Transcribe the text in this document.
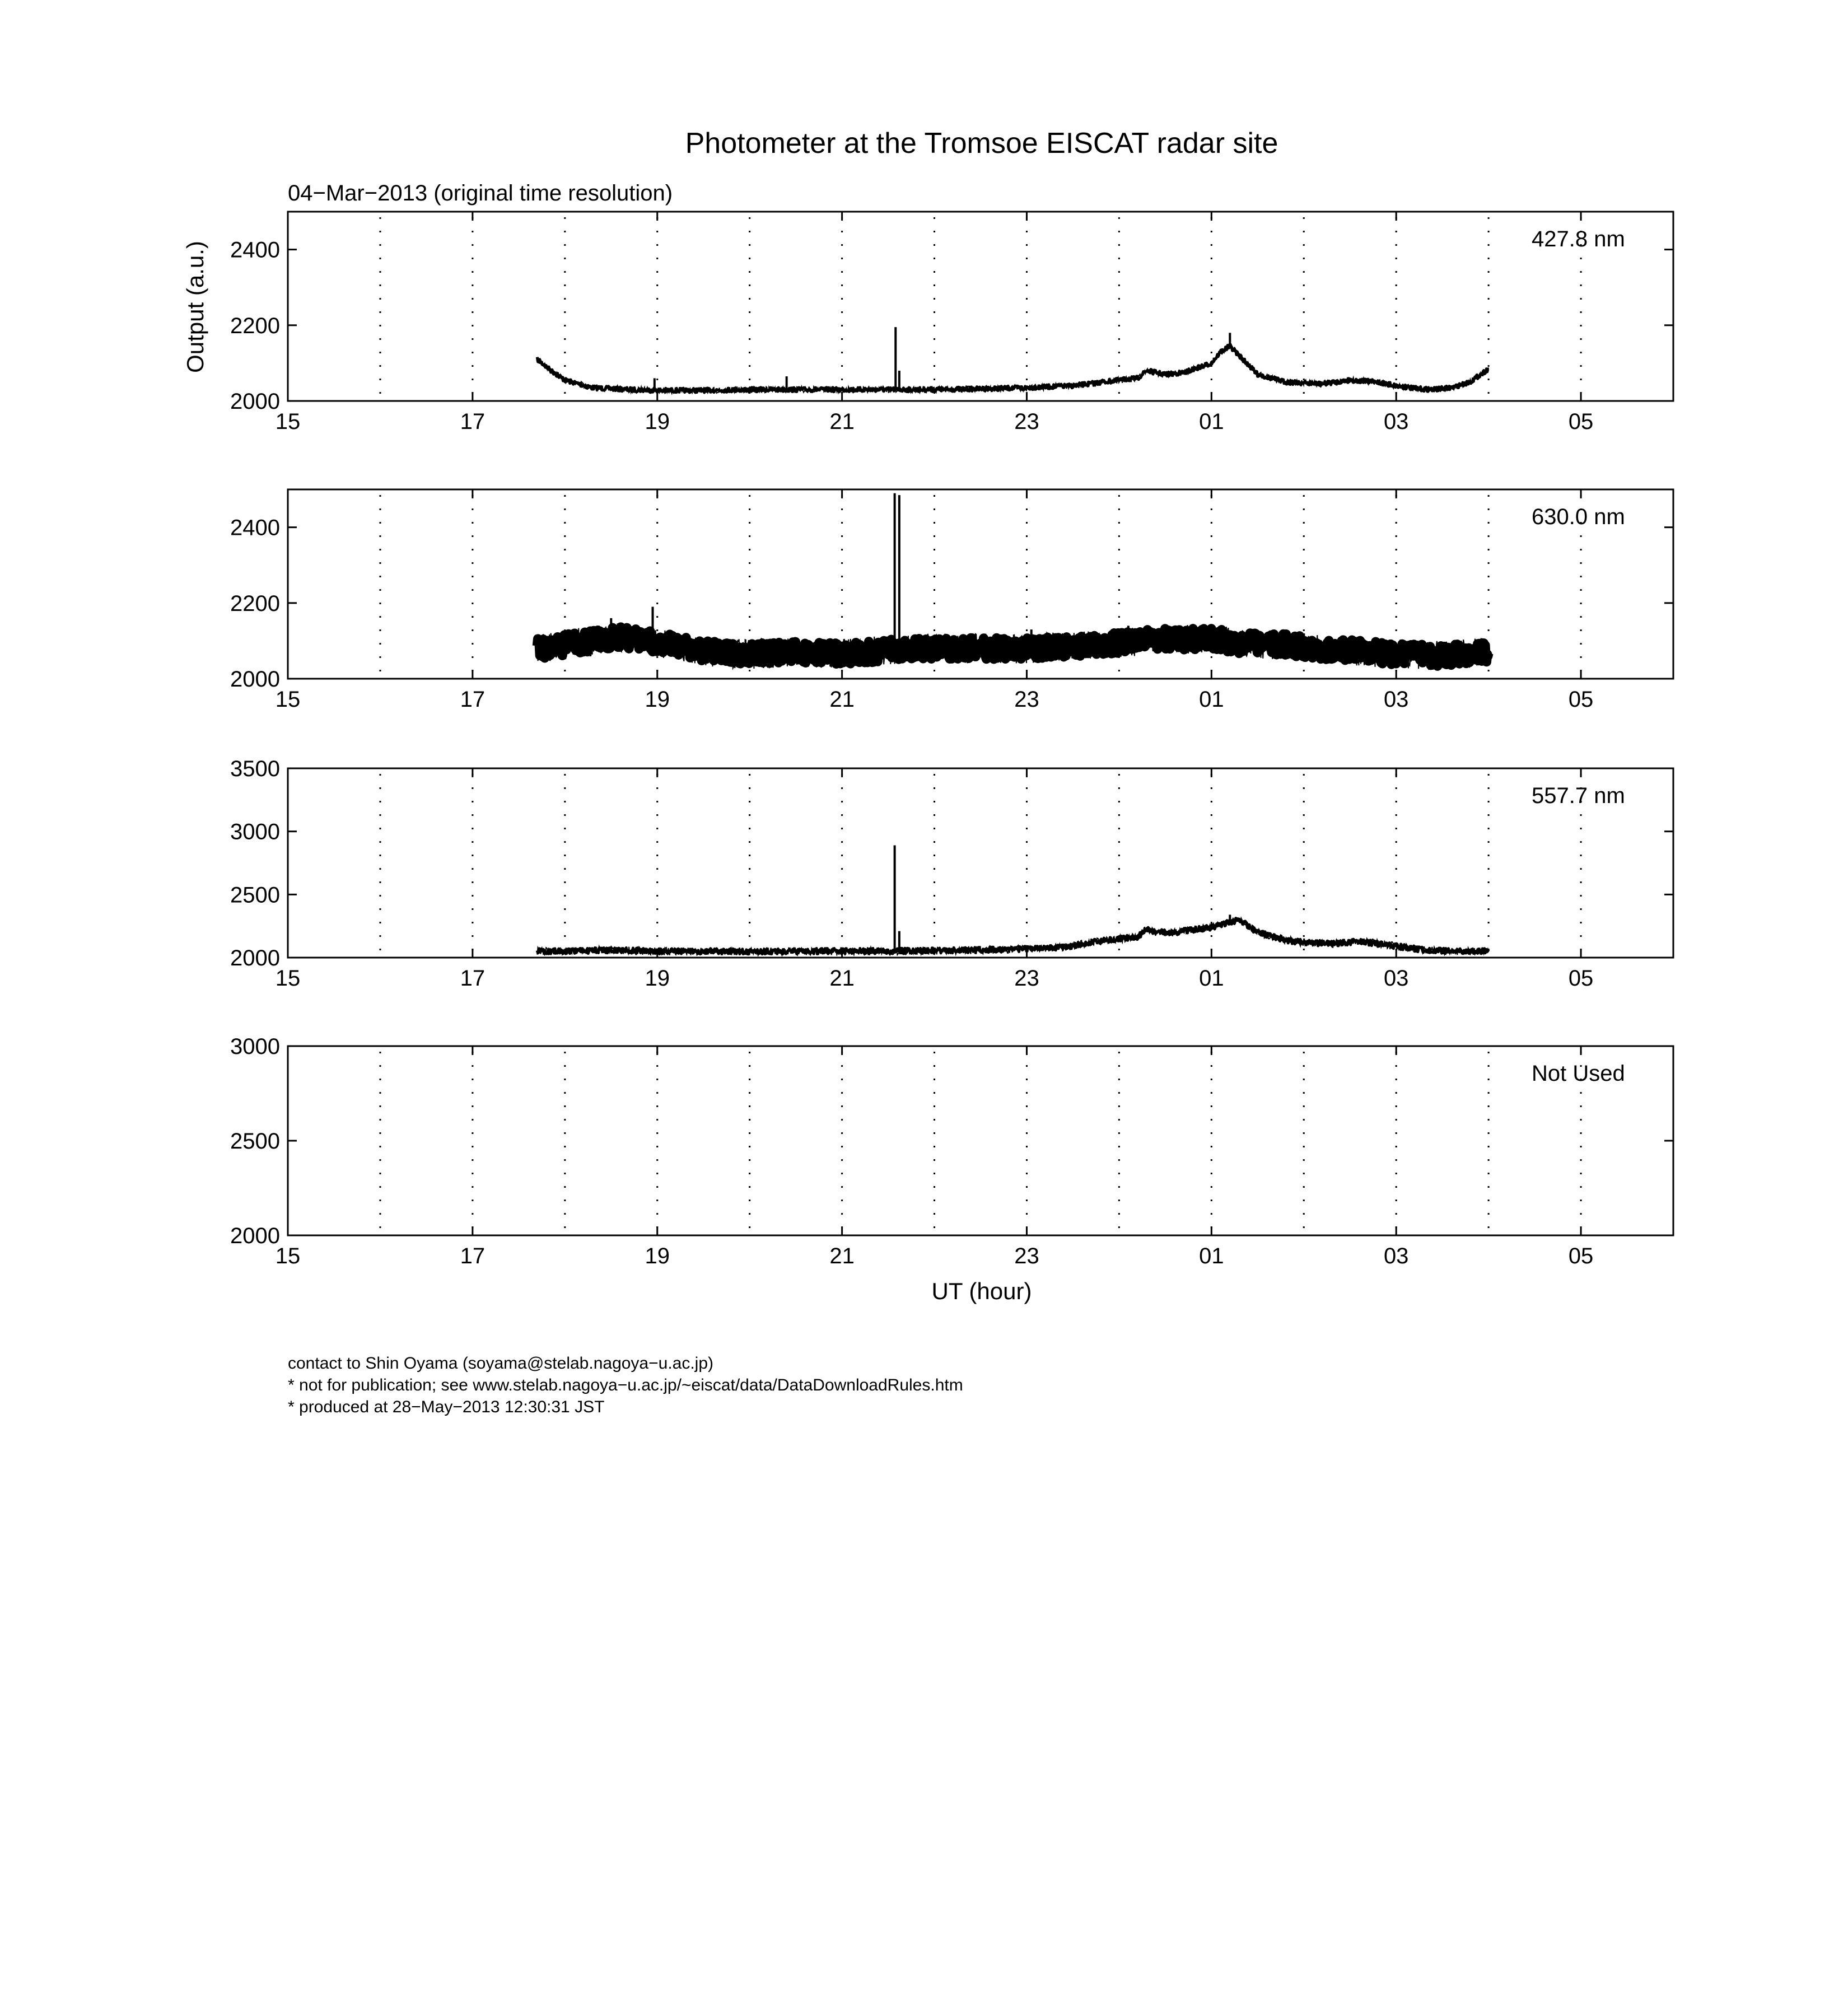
Photometer at the Tromsoe EISCAT radar site
04−Mar−2013 (original time resolution)
Output (a.u.)
UT (hour)
15	17	19	21	23	01	03	05
2000
2200
2400	427.8 nm
15	17	19	21	23	01	03	05
2000
2200
2400	630.0 nm
15	17	19	21	23	01	03	05
2000
2500
3000
3500
557.7 nm
15	17	19	21	23	01	03	05
2000
2500
3000
Not Used
contact to Shin Oyama (soyama@stelab.nagoya−u.ac.jp)
* not for publication; see www.stelab.nagoya−u.ac.jp/~eiscat/data/DataDownloadRules.htm
* produced at 28−May−2013 12:30:31 JST
